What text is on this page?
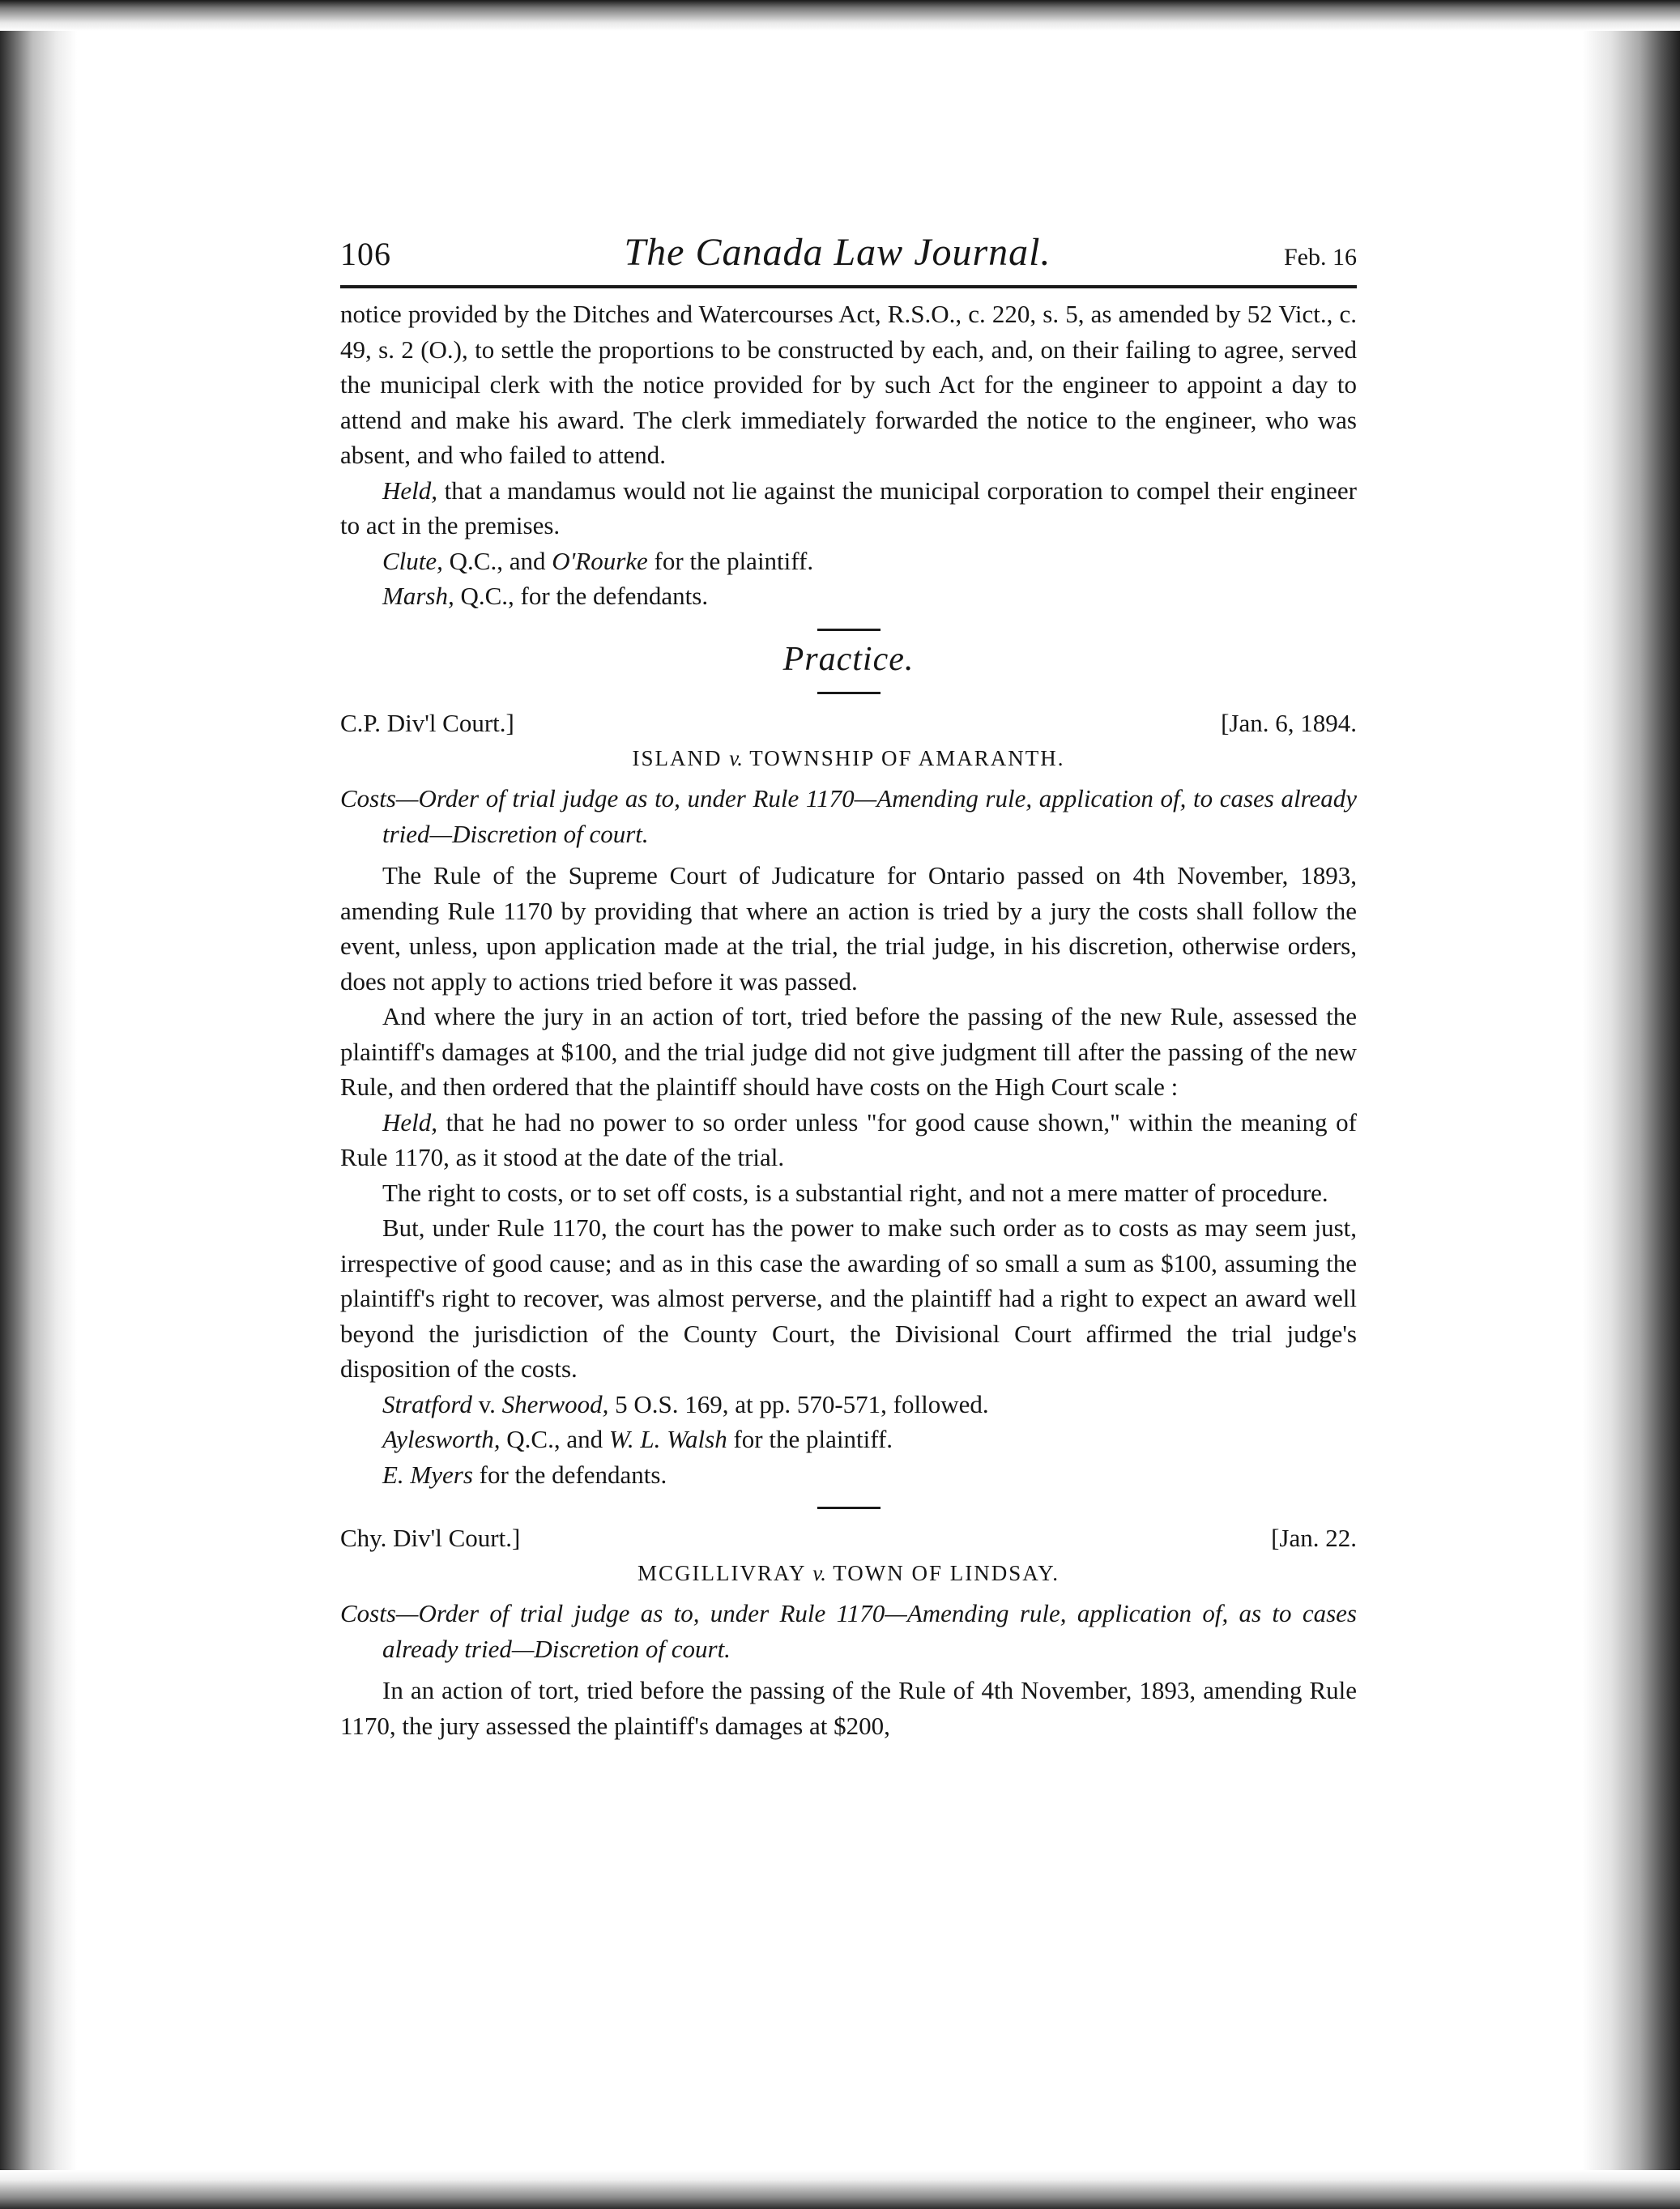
106	The Canada Law Journal.	Feb. 16

notice provided by the Ditches and Watercourses Act, R.S.O., c. 220, s. 5, as amended by 52 Vict., c. 49, s. 2 (O.), to settle the proportions to be constructed by each, and, on their failing to agree, served the municipal clerk with the notice provided for by such Act for the engineer to appoint a day to attend and make his award. The clerk immediately forwarded the notice to the engineer, who was absent, and who failed to attend.

Held, that a mandamus would not lie against the municipal corporation to compel their engineer to act in the premises.

Clute, Q.C., and O'Rourke for the plaintiff.

Marsh, Q.C., for the defendants.

Practice.
C.P. Div'l Court.]	[Jan. 6, 1894.
ISLAND v. TOWNSHIP OF AMARANTH.

Costs—Order of trial judge as to, under Rule 1170—Amending rule, application of, to cases already tried—Discretion of court.

The Rule of the Supreme Court of Judicature for Ontario passed on 4th November, 1893, amending Rule 1170 by providing that where an action is tried by a jury the costs shall follow the event, unless, upon application made at the trial, the trial judge, in his discretion, otherwise orders, does not apply to actions tried before it was passed.

And where the jury in an action of tort, tried before the passing of the new Rule, assessed the plaintiff's damages at $100, and the trial judge did not give judgment till after the passing of the new Rule, and then ordered that the plaintiff should have costs on the High Court scale :

Held, that he had no power to so order unless "for good cause shown," within the meaning of Rule 1170, as it stood at the date of the trial.

The right to costs, or to set off costs, is a substantial right, and not a mere matter of procedure.

But, under Rule 1170, the court has the power to make such order as to costs as may seem just, irrespective of good cause; and as in this case the awarding of so small a sum as $100, assuming the plaintiff's right to recover, was almost perverse, and the plaintiff had a right to expect an award well beyond the jurisdiction of the County Court, the Divisional Court affirmed the trial judge's disposition of the costs.

Stratford v. Sherwood, 5 O.S. 169, at pp. 570-571, followed.

Aylesworth, Q.C., and W. L. Walsh for the plaintiff.

E. Myers for the defendants.

Chy. Div'l Court.]	[Jan. 22.
MCGILLIVRAY v. TOWN OF LINDSAY.

Costs—Order of trial judge as to, under Rule 1170—Amending rule, application of, as to cases already tried—Discretion of court.

In an action of tort, tried before the passing of the Rule of 4th November, 1893, amending Rule 1170, the jury assessed the plaintiff's damages at $200,
